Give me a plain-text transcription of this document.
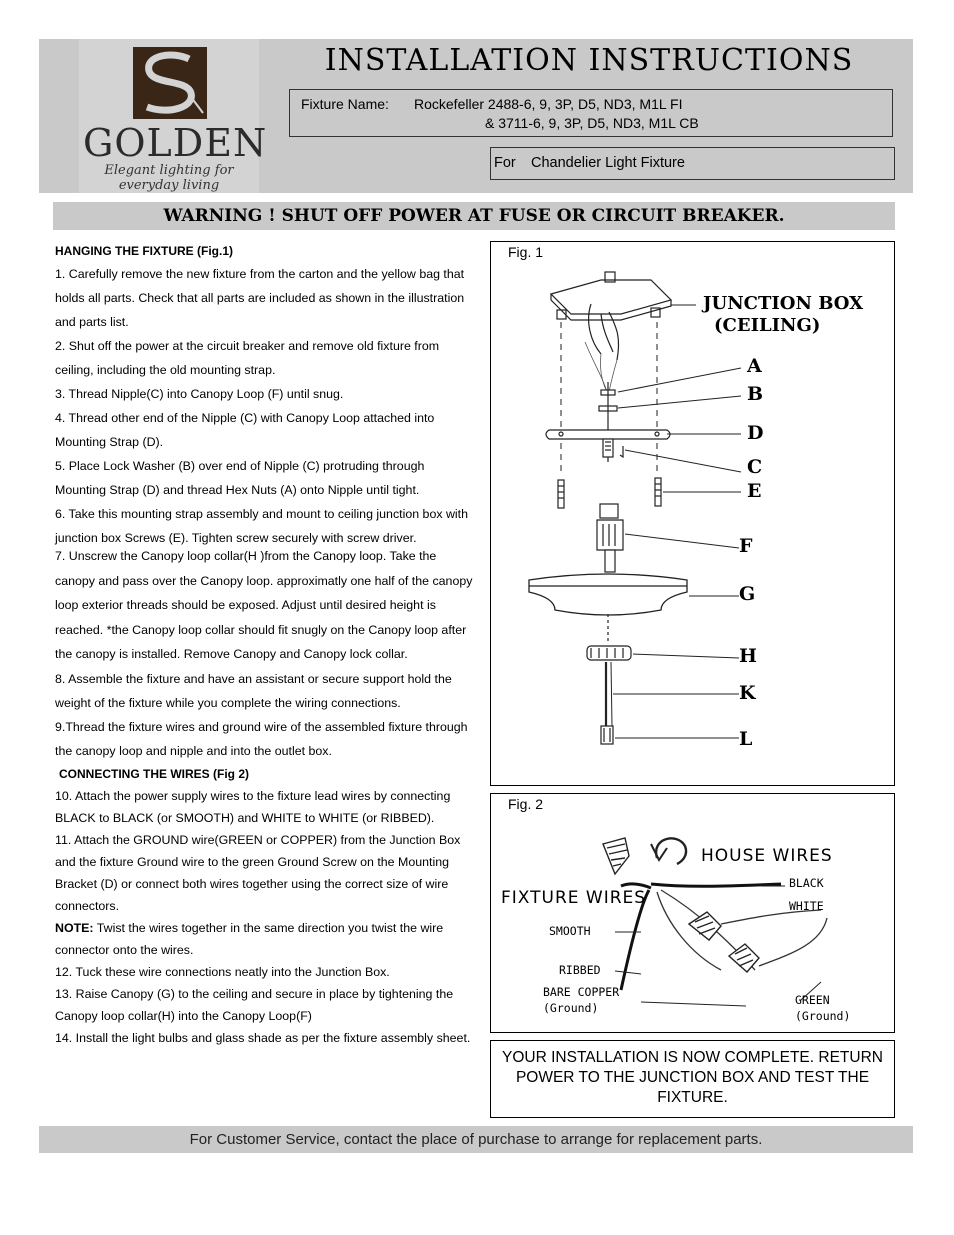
GOLDEN
Elegant lighting for everyday living
INSTALLATION INSTRUCTIONS
Fixture Name: Rockefeller 2488-6, 9, 3P, D5, ND3, M1L FI
& 3711-6, 9, 3P, D5, ND3, M1L CB
For Chandelier Light Fixture
WARNING ! SHUT OFF POWER AT FUSE OR CIRCUIT BREAKER.

HANGING THE FIXTURE (Fig.1)

1. Carefully remove the new fixture from the carton and the yellow bag that holds all parts. Check that all parts are included as shown in the illustration and parts list.

2. Shut off the power at the circuit breaker and remove old fixture from ceiling, including the old mounting strap.

3. Thread Nipple(C) into Canopy Loop (F) until snug.

4. Thread other end of the Nipple (C) with Canopy Loop attached into Mounting Strap (D).

5. Place Lock Washer (B) over end of Nipple (C) protruding through Mounting Strap (D) and thread Hex Nuts (A) onto Nipple until tight.

6. Take this mounting strap assembly and mount to ceiling junction box with junction box Screws (E). Tighten screw securely with screw driver.

7. Unscrew the Canopy loop collar(H )from the Canopy loop. Take the canopy and pass over the Canopy loop. approximatly one half of the canopy loop exterior threads should be exposed. Adjust until desired height is reached. *the Canopy loop collar should fit snugly on the Canopy loop after the canopy is installed. Remove Canopy and Canopy lock collar.

8. Assemble the fixture and have an assistant or secure support hold the weight of the fixture while you complete the wiring connections.

9.Thread the fixture wires and ground wire of the assembled fixture through the canopy loop and nipple and into the outlet box.

CONNECTING THE WIRES (Fig 2)

10. Attach the power supply wires to the fixture lead wires by connecting BLACK to BLACK (or SMOOTH) and WHITE to WHITE (or RIBBED).

11. Attach the GROUND wire(GREEN or COPPER) from the Junction Box and the fixture Ground wire to the green Ground Screw on the Mounting Bracket (D) or connect both wires together using the correct size of wire connectors.

NOTE: Twist the wires together in the same direction you twist the wire connector onto the wires.

12. Tuck these wire connections neatly into the Junction Box.

13. Raise Canopy (G) to the ceiling and secure in place by tightening the Canopy loop collar(H) into the Canopy Loop(F)

14. Install the light bulbs and glass shade as per the fixture assembly sheet.

Fig. 1
JUNCTION BOX
(CEILING)
A
B
D
C
E
F
G
H
K
L
Fig. 2
HOUSE WIRES
FIXTURE WIRES
BLACK
WHITE
SMOOTH
RIBBED
BARE COPPER
(Ground)
GREEN
(Ground)
YOUR INSTALLATION IS NOW COMPLETE. RETURN POWER TO THE JUNCTION BOX AND TEST THE FIXTURE.
For Customer Service, contact the place of purchase to arrange for replacement parts.
